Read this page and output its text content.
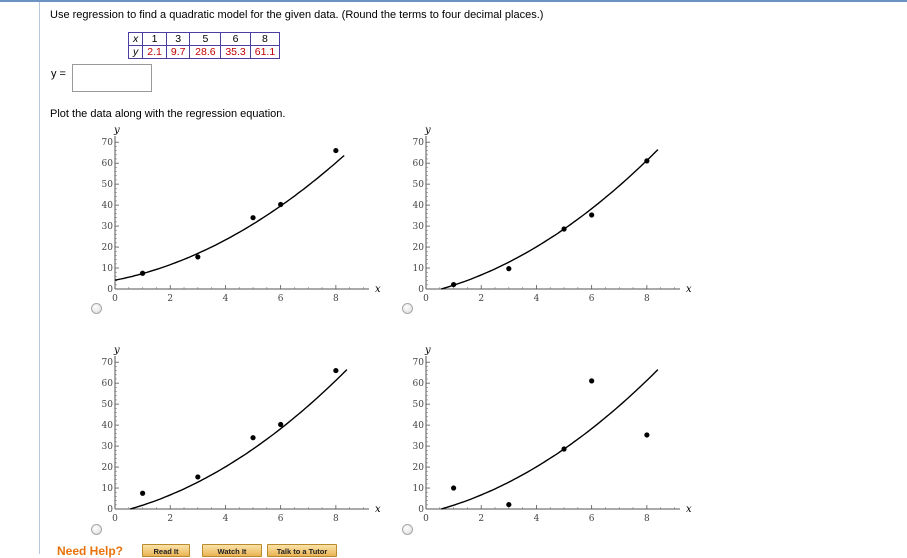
Use regression to find a quadratic model for the given data. (Round the terms to four decimal places.)
x	1	3	5	6	8
y	2.1	9.7	28.6	35.3	61.1
y =
Plot the data along with the regression equation.
0	2	4	6	8
0
10
20
30
40
50
60
70
x
y
0	2	4	6	8
0
10
20
30
40
50
60
70
x
y
0	2	4	6	8
0
10
20
30
40
50
60
70
x
y
0	2	4	6	8
0
10
20
30
40
50
60
70
x
y
Need Help?	Read It	Watch It	Talk to a Tutor
